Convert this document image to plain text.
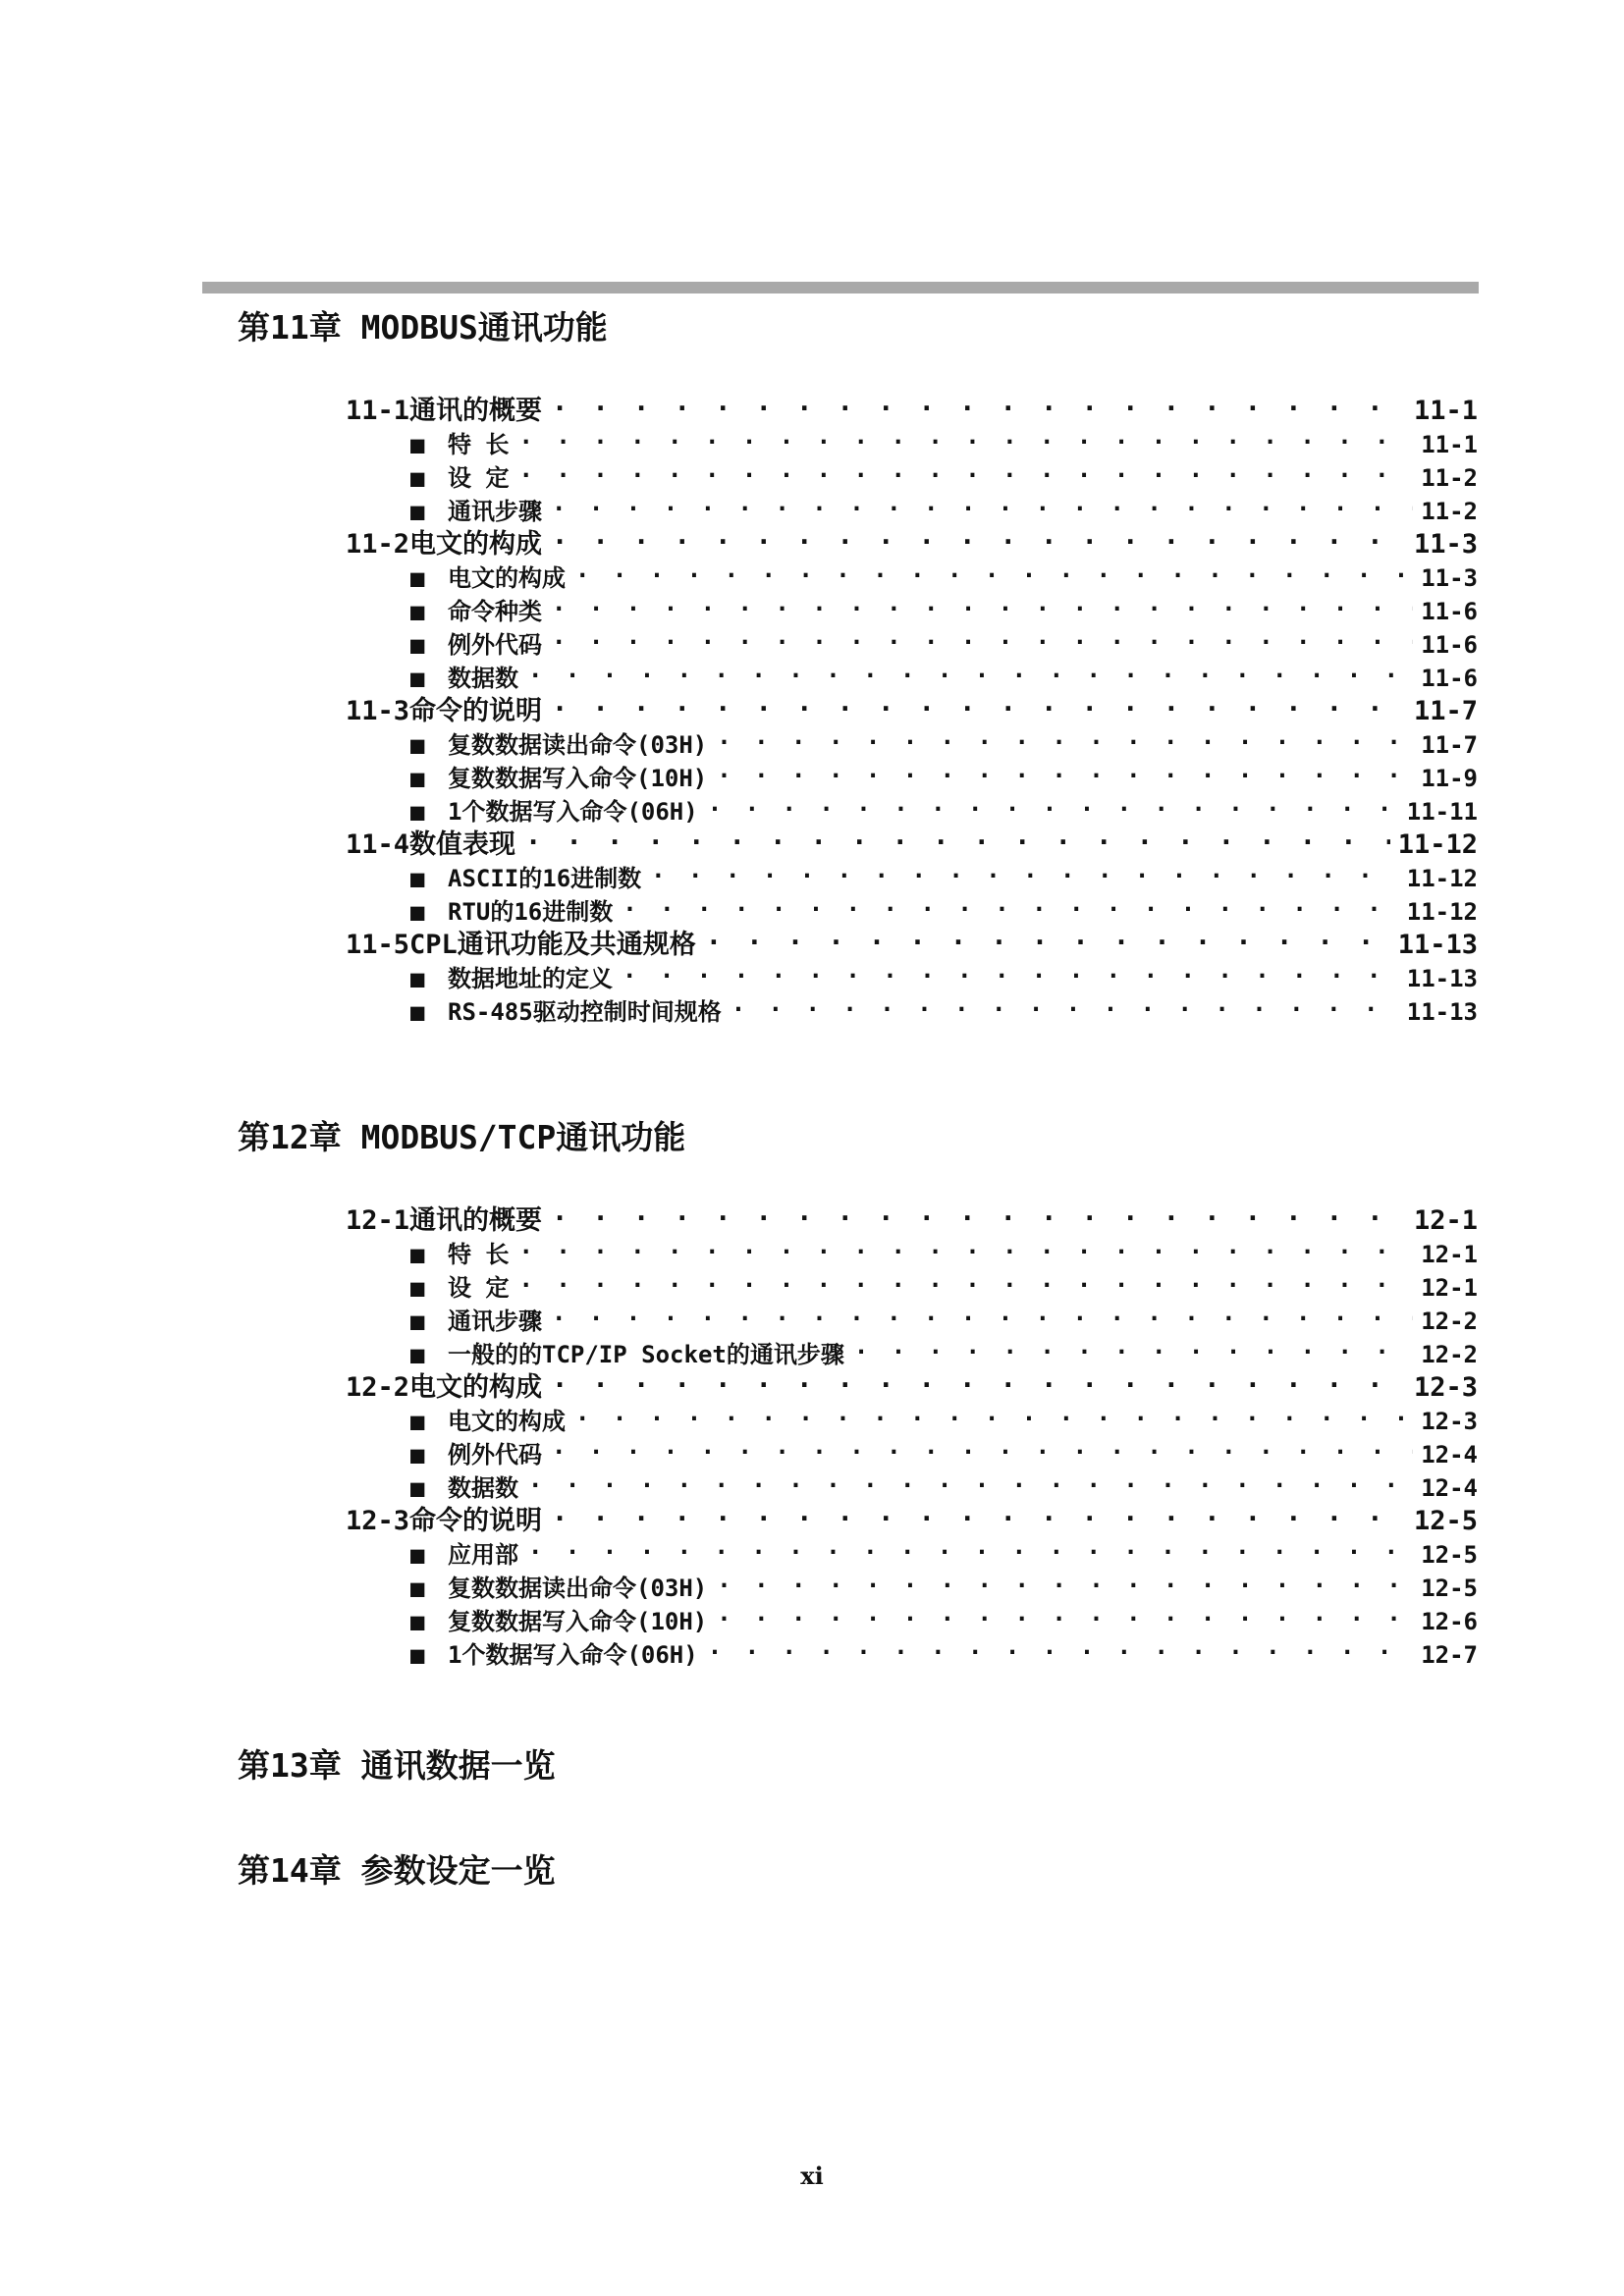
第11章 MODBUS通讯功能
11-1通讯的概要 . . .	11-1
■ 特 长 . . .	11-1
■ 设 定 . . .	11-2
■ 通讯步骤 . . .	11-2
11-2电文的构成 . . .	11-3
■ 电文的构成 . . .	11-3
■ 命令种类 . . .	11-6
■ 例外代码 . . .	11-6
■ 数据数 . . .	11-6
11-3命令的说明 . . .	11-7
■ 复数数据读出命令(03H) . . .	11-7
■ 复数数据写入命令(10H) . . .	11-9
■ 1个数据写入命令(06H) . . .	11-11
11-4数值表现 . . .	11-12
■ ASCII的16进制数 . . .	11-12
■ RTU的16进制数 . . .	11-12
11-5CPL通讯功能及共通规格 . . .	11-13
■ 数据地址的定义 . . .	11-13
■ RS-485驱动控制时间规格 . . .	11-13
第12章 MODBUS/TCP通讯功能
12-1通讯的概要 . . .	12-1
■ 特 长 . . .	12-1
■ 设 定 . . .	12-1
■ 通讯步骤 . . .	12-2
■ 一般的的TCP/IP Socket的通讯步骤 . . .	12-2
12-2电文的构成 . . .	12-3
■ 电文的构成 . . .	12-3
■ 例外代码 . . .	12-4
■ 数据数 . . .	12-4
12-3命令的说明 . . .	12-5
■ 应用部 . . .	12-5
■ 复数数据读出命令(03H) . . .	12-5
■ 复数数据写入命令(10H) . . .	12-6
■ 1个数据写入命令(06H) . . .	12-7
第13章 通讯数据一览
第14章 参数设定一览
xi
